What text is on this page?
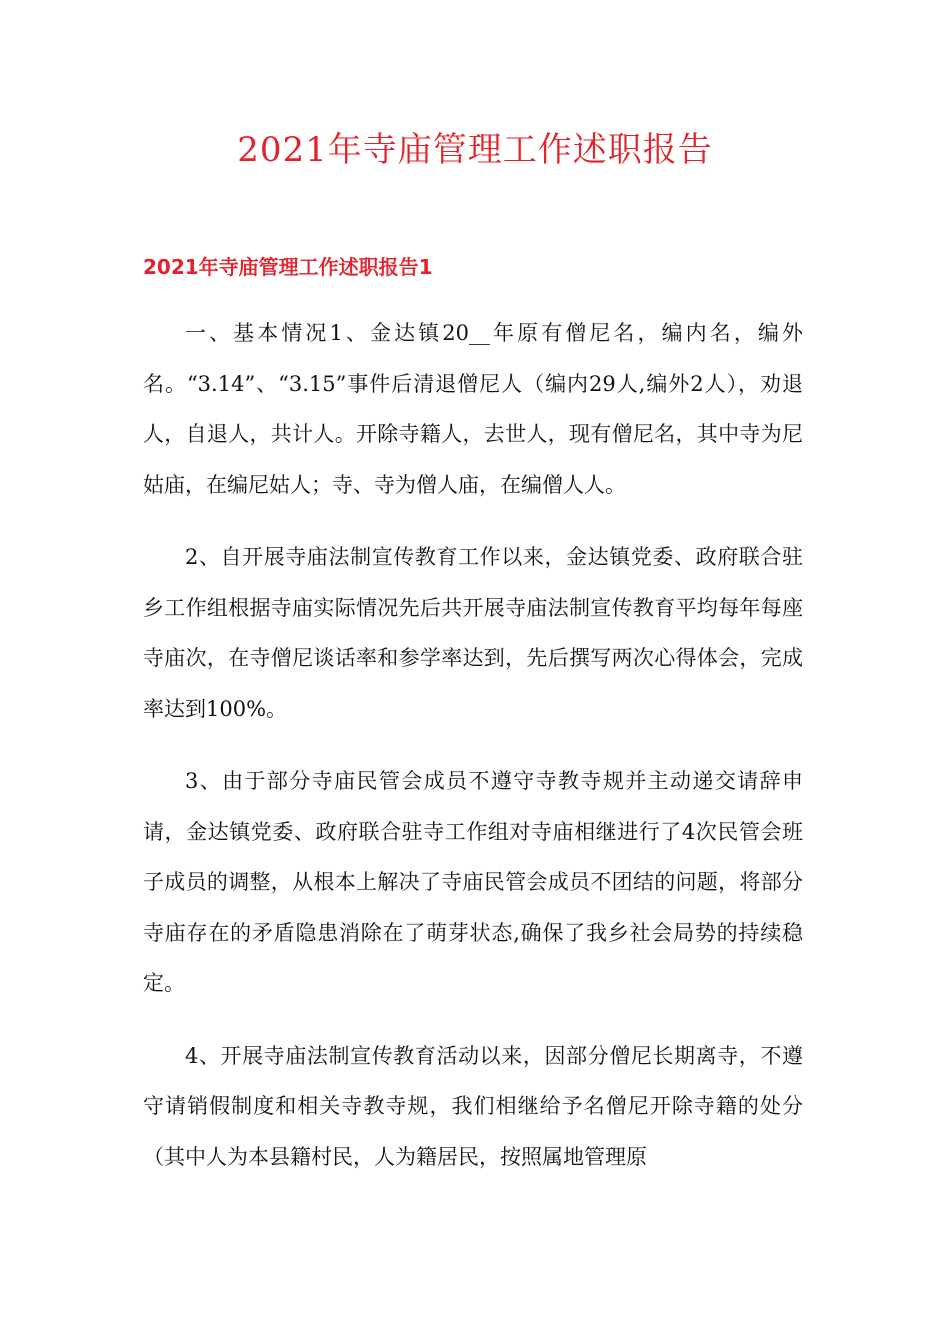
2021年寺庙管理工作述职报告
2021年寺庙管理工作述职报告1

一、基本情况1、金达镇20__年原有僧尼名，编内名，编外名。“3.14”、“3.15”事件后清退僧尼人（编内29人,编外2人），劝退人，自退人，共计人。开除寺籍人，去世人，现有僧尼名，其中寺为尼姑庙，在编尼姑人；寺、寺为僧人庙，在编僧人人。

2、自开展寺庙法制宣传教育工作以来，金达镇党委、政府联合驻乡工作组根据寺庙实际情况先后共开展寺庙法制宣传教育平均每年每座寺庙次，在寺僧尼谈话率和参学率达到，先后撰写两次心得体会，完成率达到100%。

3、由于部分寺庙民管会成员不遵守寺教寺规并主动递交请辞申请，金达镇党委、政府联合驻寺工作组对寺庙相继进行了4次民管会班子成员的调整，从根本上解决了寺庙民管会成员不团结的问题，将部分寺庙存在的矛盾隐患消除在了萌芽状态,确保了我乡社会局势的持续稳定。

4、开展寺庙法制宣传教育活动以来，因部分僧尼长期离寺，不遵守请销假制度和相关寺教寺规，我们相继给予名僧尼开除寺籍的处分（其中人为本县籍村民，人为籍居民，按照属地管理原
